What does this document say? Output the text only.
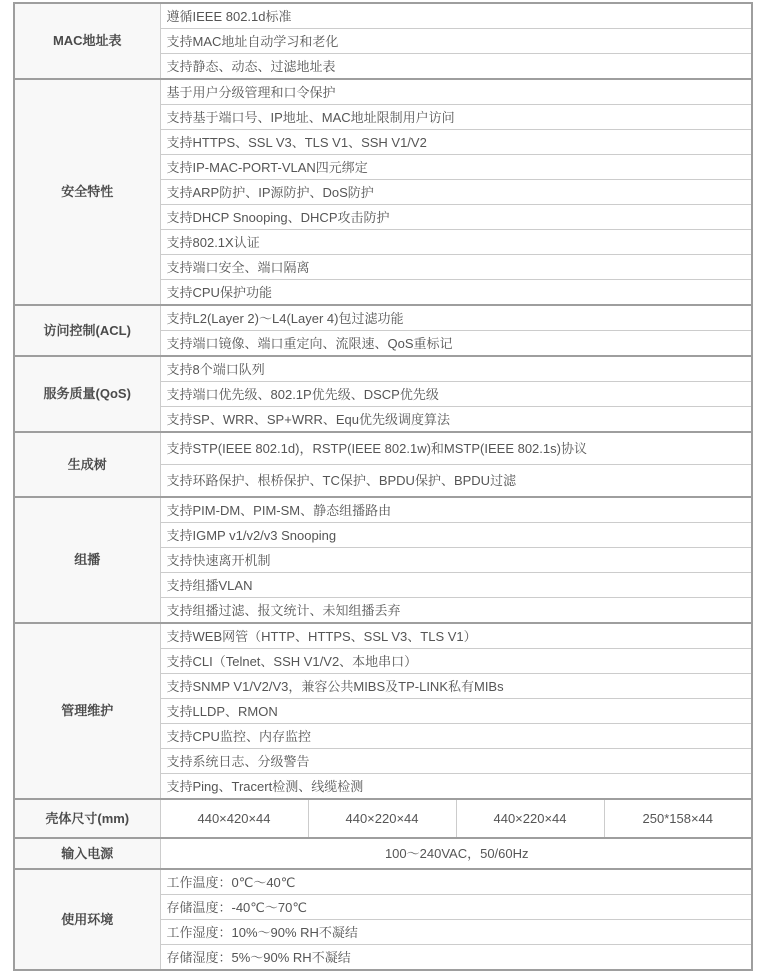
MAC地址表	遵循IEEE 802.1d标准			
	支持MAC地址自动学习和老化			
	支持静态、动态、过滤地址表			
安全特性	基于用户分级管理和口令保护			
	支持基于端口号、IP地址、MAC地址限制用户访问			
	支持HTTPS、SSL V3、TLS V1、SSH V1/V2			
	支持IP-MAC-PORT-VLAN四元绑定			
	支持ARP防护、IP源防护、DoS防护			
	支持DHCP Snooping、DHCP攻击防护			
	支持802.1X认证			
	支持端口安全、端口隔离			
	支持CPU保护功能			
访问控制(ACL)	支持L2(Layer 2)～L4(Layer 4)包过滤功能			
	支持端口镜像、端口重定向、流限速、QoS重标记			
服务质量(QoS)	支持8个端口队列			
	支持端口优先级、802.1P优先级、DSCP优先级			
	支持SP、WRR、SP+WRR、Equ优先级调度算法			
生成树	支持STP(IEEE 802.1d)，RSTP(IEEE 802.1w)和MSTP(IEEE 802.1s)协议			
	支持环路保护、根桥保护、TC保护、BPDU保护、BPDU过滤			
组播	支持PIM-DM、PIM-SM、静态组播路由			
	支持IGMP v1/v2/v3 Snooping			
	支持快速离开机制			
	支持组播VLAN			
	支持组播过滤、报文统计、未知组播丢弃			
管理维护	支持WEB网管（HTTP、HTTPS、SSL V3、TLS V1）			
	支持CLI（Telnet、SSH V1/V2、本地串口）			
	支持SNMP V1/V2/V3，兼容公共MIBS及TP-LINK私有MIBs			
	支持LLDP、RMON			
	支持CPU监控、内存监控			
	支持系统日志、分级警告			
	支持Ping、Tracert检测、线缆检测			
壳体尺寸(mm)	440×420×44	440×220×44	440×220×44	250*158×44
输入电源	100～240VAC，50/60Hz			
使用环境	工作温度：0℃～40℃			
	存储温度：-40℃～70℃			
	工作湿度：10%～90% RH不凝结			
	存储湿度：5%～90% RH不凝结			
